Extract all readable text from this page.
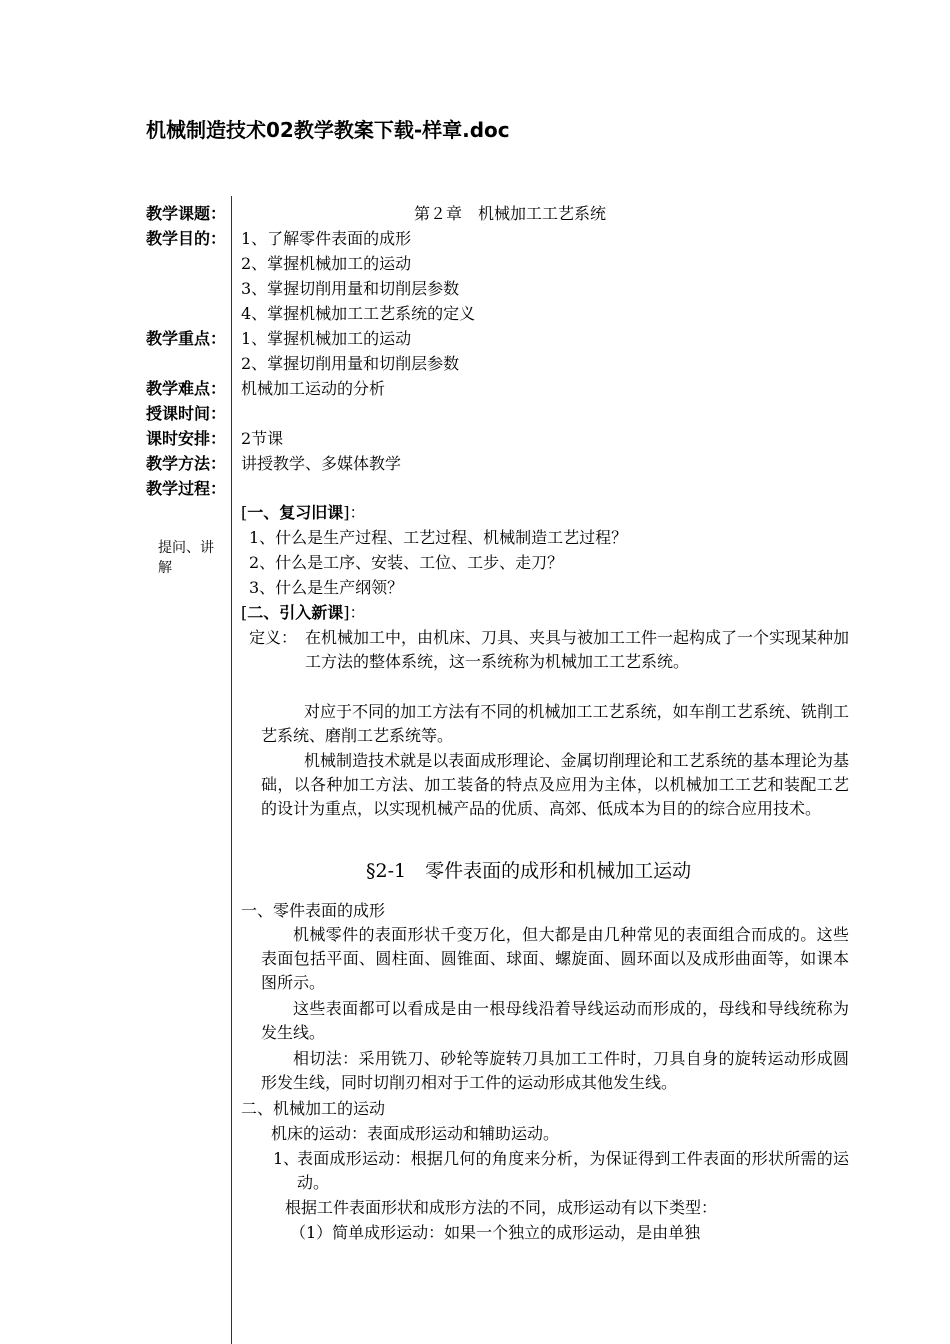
机械制造技术02教学教案下载-样章.doc
教学课题：	第２章　机械加工工艺系统
教学目的： 1、了解零件表面的成形
2、掌握机械加工的运动
3、掌握切削用量和切削层参数
4、掌握机械加工工艺系统的定义
教学重点： 1、掌握机械加工的运动
2、掌握切削用量和切削层参数
教学难点： 机械加工运动的分析
授课时间：
课时安排： 2节课
教学方法： 讲授教学、多媒体教学
教学过程：
提问、讲解
[一、复习旧课]：
1、什么是生产过程、工艺过程、机械制造工艺过程？
2、什么是工序、安装、工位、工步、走刀？
3、什么是生产纲领？
[二、引入新课]：
定义： 在机械加工中，由机床、刀具、夹具与被加工工件一起构成了一个实现某种加工方法的整体系统，这一系统称为机械加工工艺系统。
对应于不同的加工方法有不同的机械加工工艺系统，如车削工艺系统、铣削工艺系统、磨削工艺系统等。
机械制造技术就是以表面成形理论、金属切削理论和工艺系统的基本理论为基础，以各种加工方法、加工装备的特点及应用为主体，以机械加工工艺和装配工艺的设计为重点，以实现机械产品的优质、高郊、低成本为目的的综合应用技术。
§2-1　零件表面的成形和机械加工运动
一、零件表面的成形
机械零件的表面形状千变万化，但大都是由几种常见的表面组合而成的。这些表面包括平面、圆柱面、圆锥面、球面、螺旋面、圆环面以及成形曲面等，如课本图所示。
这些表面都可以看成是由一根母线沿着导线运动而形成的，母线和导线统称为发生线。
相切法：采用铣刀、砂轮等旋转刀具加工工件时，刀具自身的旋转运动形成圆形发生线，同时切削刃相对于工件的运动形成其他发生线。
二、机械加工的运动
机床的运动：表面成形运动和辅助运动。
1、
表面成形运动：根据几何的角度来分析，为保证得到工件表面的形状所需的运动。
根据工件表面形状和成形方法的不同，成形运动有以下类型：
（1）简单成形运动：如果一个独立的成形运动，是由单独
